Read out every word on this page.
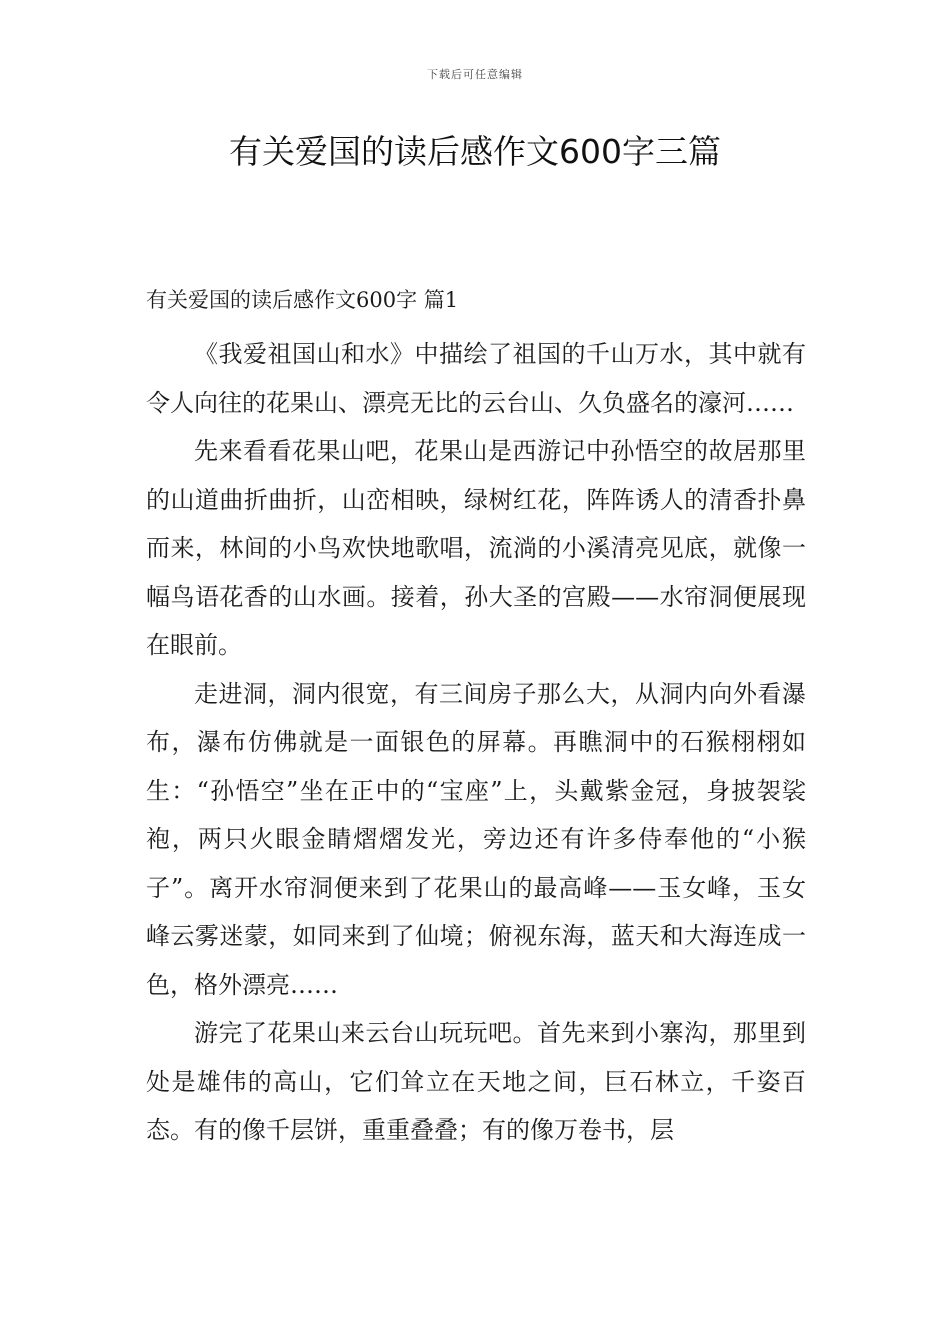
下载后可任意编辑
有关爱国的读后感作文600字三篇
有关爱国的读后感作文600字 篇1

《我爱祖国山和水》中描绘了祖国的千山万水，其中就有令人向往的花果山、漂亮无比的云台山、久负盛名的濠河……

先来看看花果山吧，花果山是西游记中孙悟空的故居那里的山道曲折曲折，山峦相映，绿树红花，阵阵诱人的清香扑鼻而来，林间的小鸟欢快地歌唱，流淌的小溪清亮见底，就像一幅鸟语花香的山水画。接着，孙大圣的宫殿——水帘洞便展现在眼前。

走进洞，洞内很宽，有三间房子那么大，从洞内向外看瀑布，瀑布仿佛就是一面银色的屏幕。再瞧洞中的石猴栩栩如生：“孙悟空”坐在正中的“宝座”上，头戴紫金冠，身披袈裟袍，两只火眼金睛熠熠发光，旁边还有许多侍奉他的“小猴子”。离开水帘洞便来到了花果山的最高峰——玉女峰，玉女峰云雾迷蒙，如同来到了仙境；俯视东海，蓝天和大海连成一色，格外漂亮……

游完了花果山来云台山玩玩吧。首先来到小寨沟，那里到处是雄伟的高山，它们耸立在天地之间，巨石林立，千姿百态。有的像千层饼，重重叠叠；有的像万卷书，层
